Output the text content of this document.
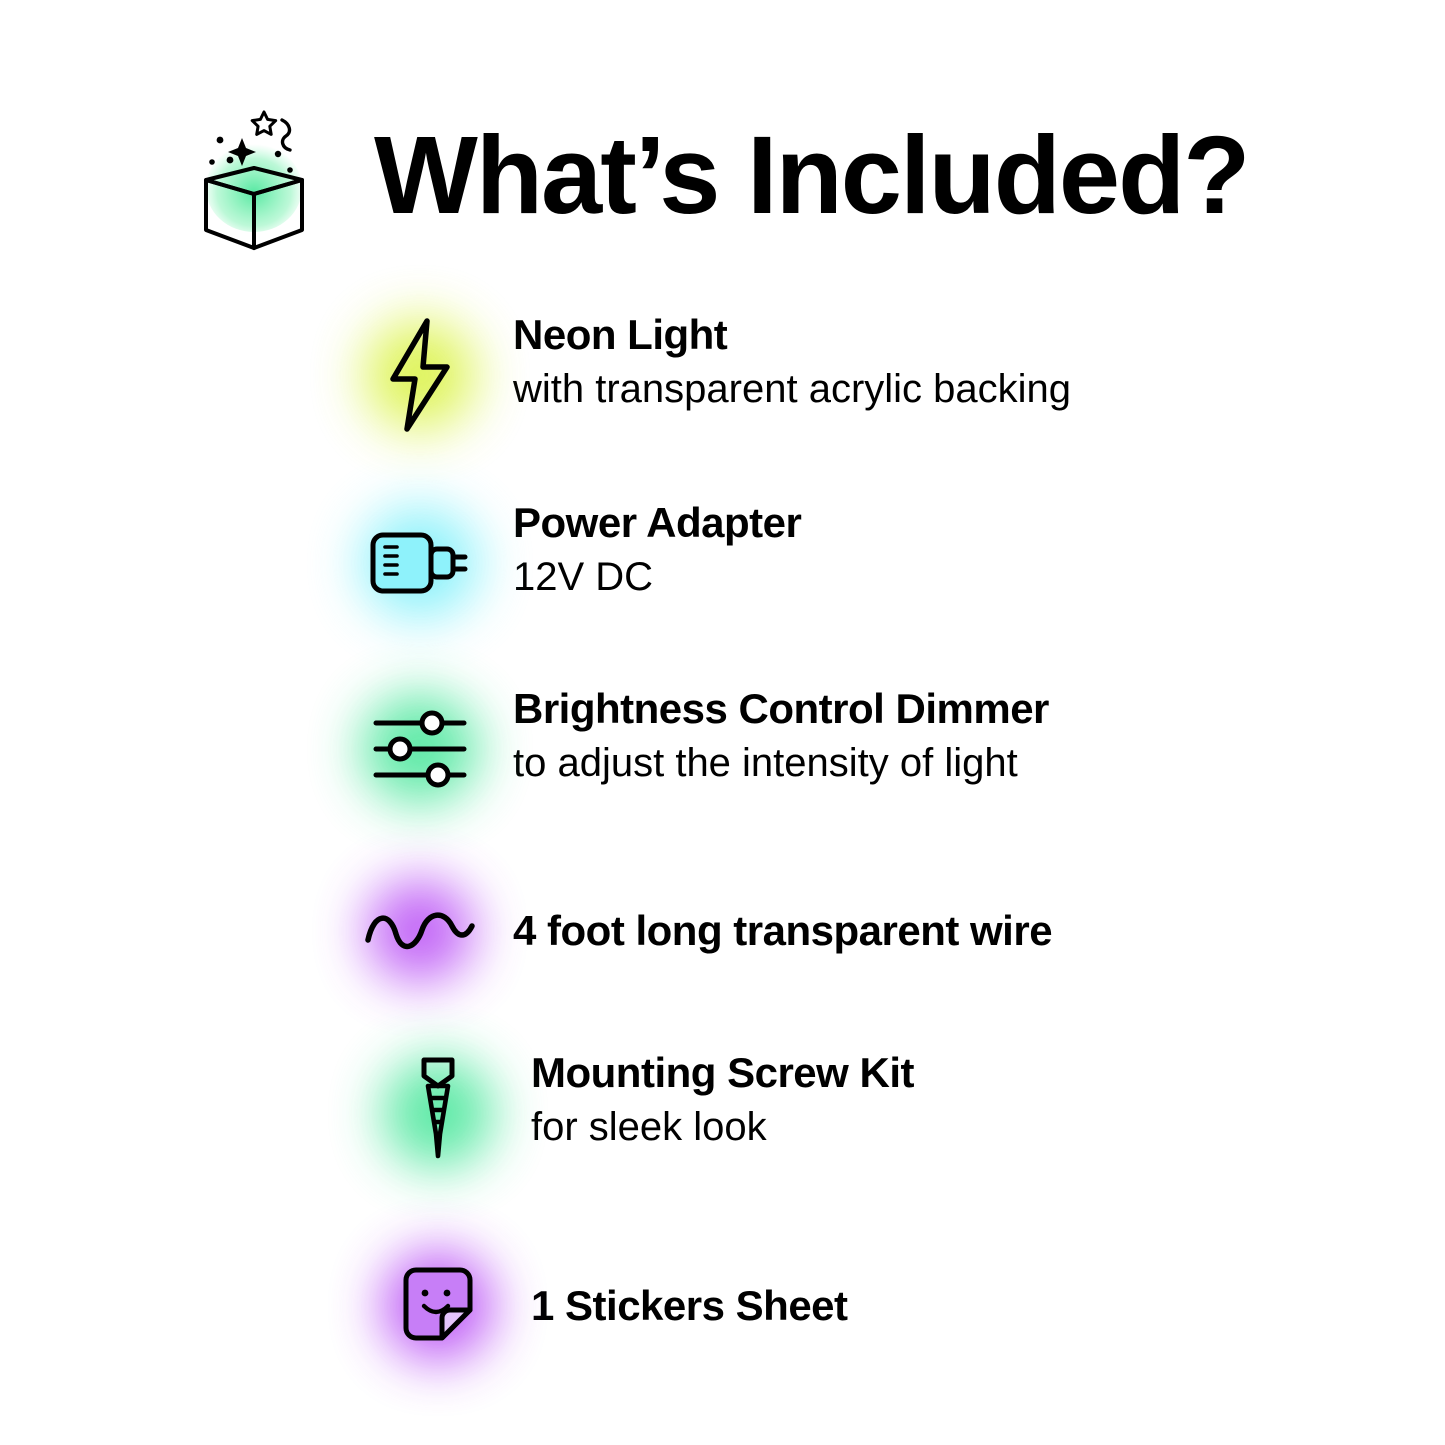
What’s Included?
Neon Light
with transparent acrylic backing
Power Adapter
12V DC
Brightness Control Dimmer
to adjust the intensity of light
4 foot long transparent wire
Mounting Screw Kit
for sleek look
1 Stickers Sheet
